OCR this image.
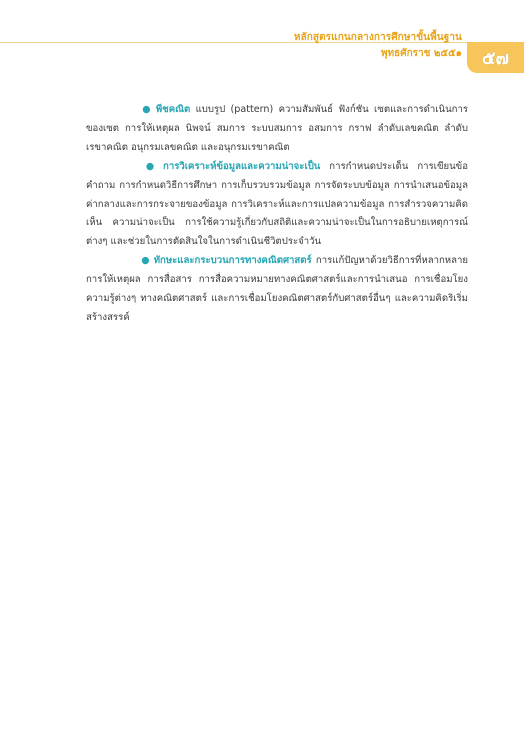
หลักสูตรแกนกลางการศึกษาขั้นพื้นฐาน
พุทธศักราช ๒๕๕๑ ๕๗

● พีชคณิต แบบรูป (pattern) ความสัมพันธ์ ฟังก์ชัน เซตและการดำเนินการของเซต การให้เหตุผล นิพจน์ สมการ ระบบสมการ อสมการ กราฟ ลำดับเลขคณิต ลำดับเรขาคณิต อนุกรมเลขคณิต และอนุกรมเรขาคณิต

● การวิเคราะห์ข้อมูลและความน่าจะเป็น การกำหนดประเด็น การเขียนข้อคำถาม การกำหนดวิธีการศึกษา การเก็บรวบรวมข้อมูล การจัดระบบข้อมูล การนำเสนอข้อมูล ค่ากลางและการกระจายของข้อมูล การวิเคราะห์และการแปลความข้อมูล การสำรวจความคิดเห็น ความน่าจะเป็น การใช้ความรู้เกี่ยวกับสถิติและความน่าจะเป็นในการอธิบายเหตุการณ์ต่างๆ และช่วยในการตัดสินใจในการดำเนินชีวิตประจำวัน

● ทักษะและกระบวนการทางคณิตศาสตร์ การแก้ปัญหาด้วยวิธีการที่หลากหลาย การให้เหตุผล การสื่อสาร การสื่อความหมายทางคณิตศาสตร์และการนำเสนอ การเชื่อมโยงความรู้ต่างๆ ทางคณิตศาสตร์ และการเชื่อมโยงคณิตศาสตร์กับศาสตร์อื่นๆ และความคิดริเริ่มสร้างสรรค์
